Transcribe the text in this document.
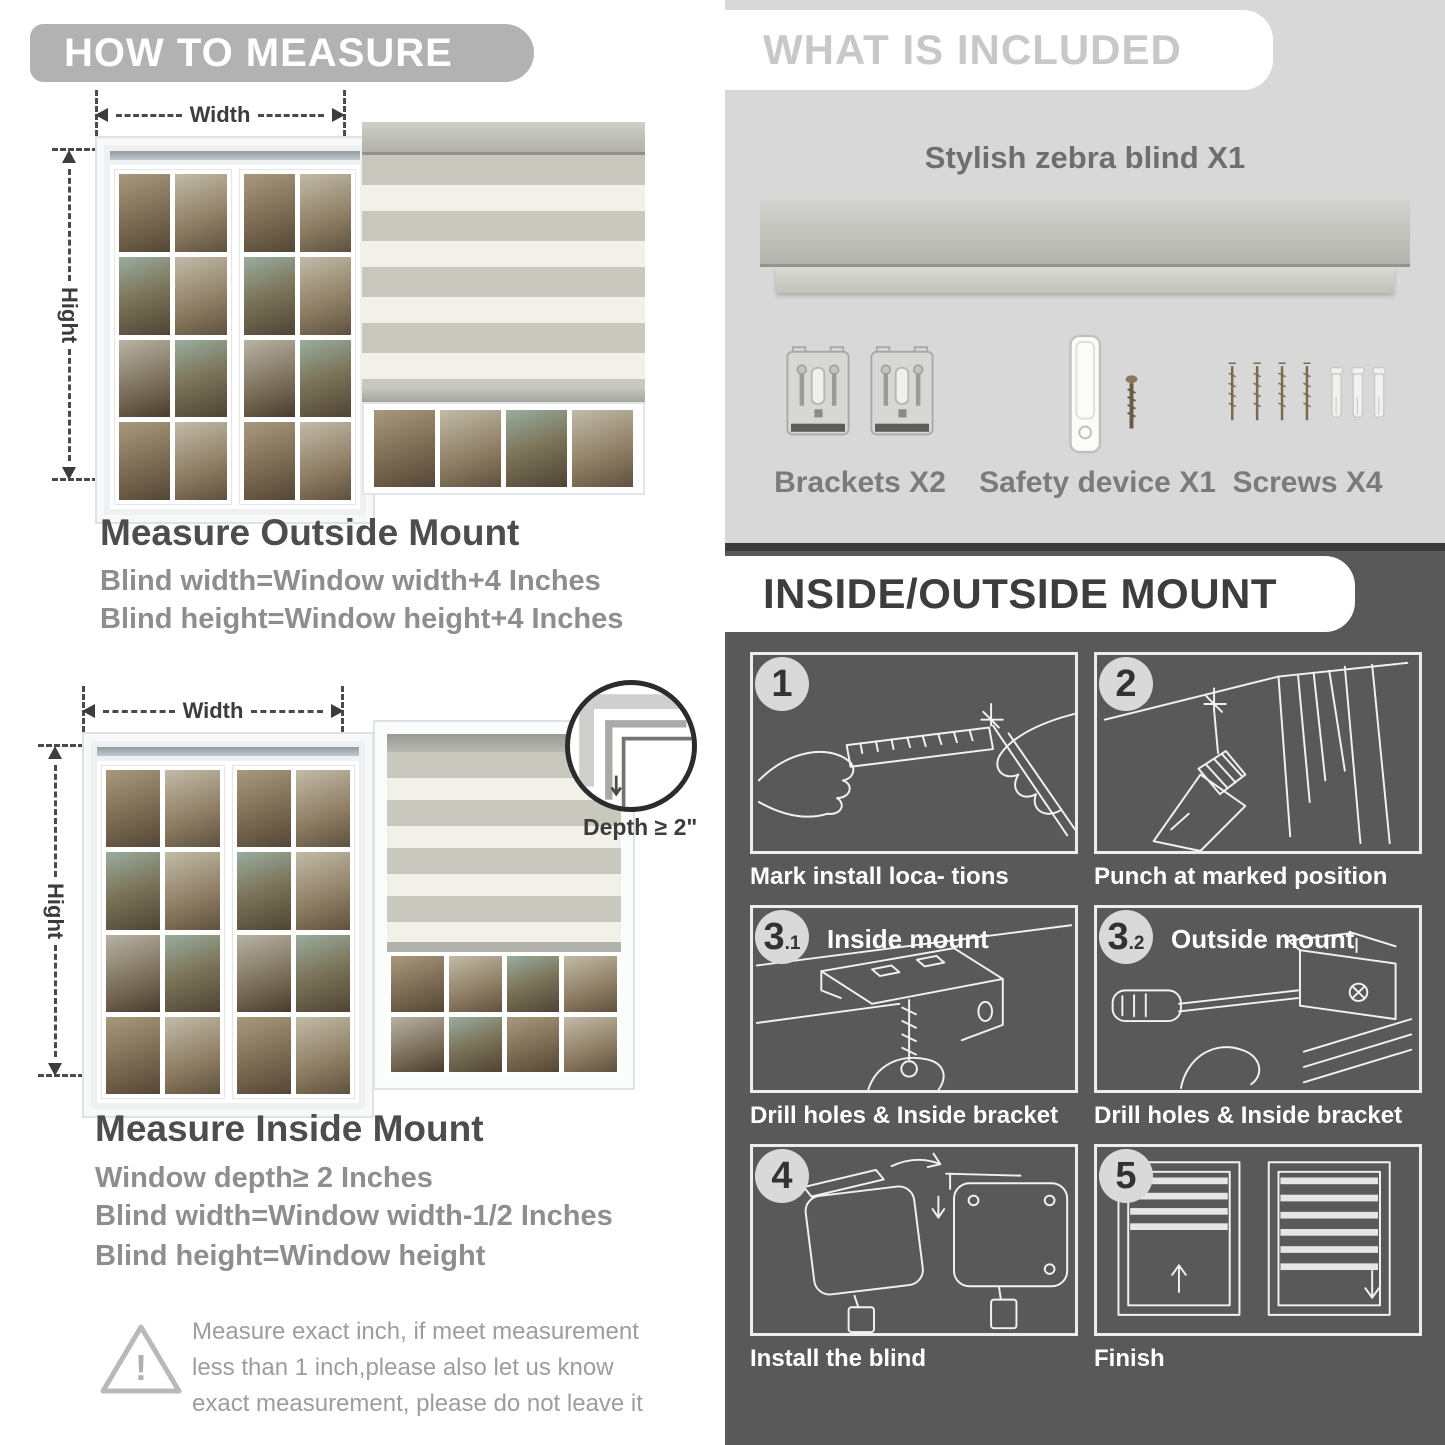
HOW TO MEASURE
Width
Hight
Measure Outside Mount
Blind width=Window width+4 Inches
Blind height=Window height+4 Inches
Width
Hight
Depth ≥ 2"
Measure Inside Mount
Window depth≥ 2 Inches
Blind width=Window width-1/2 Inches
Blind height=Window height
!
Measure exact inch, if meet measurement less than 1 inch,please also let us know exact measurement, please do not leave it
WHAT IS INCLUDED
Stylish zebra blind X1
Brackets X2	Safety device X1 Screws X4
INSIDE/OUTSIDE MOUNT
1
Mark install loca- tions
2
Punch at marked position
3 .1 Inside mount
Drill holes & Inside bracket
3 .2 Outside mount
Drill holes & Inside bracket
4
Install the blind
5
Finish
